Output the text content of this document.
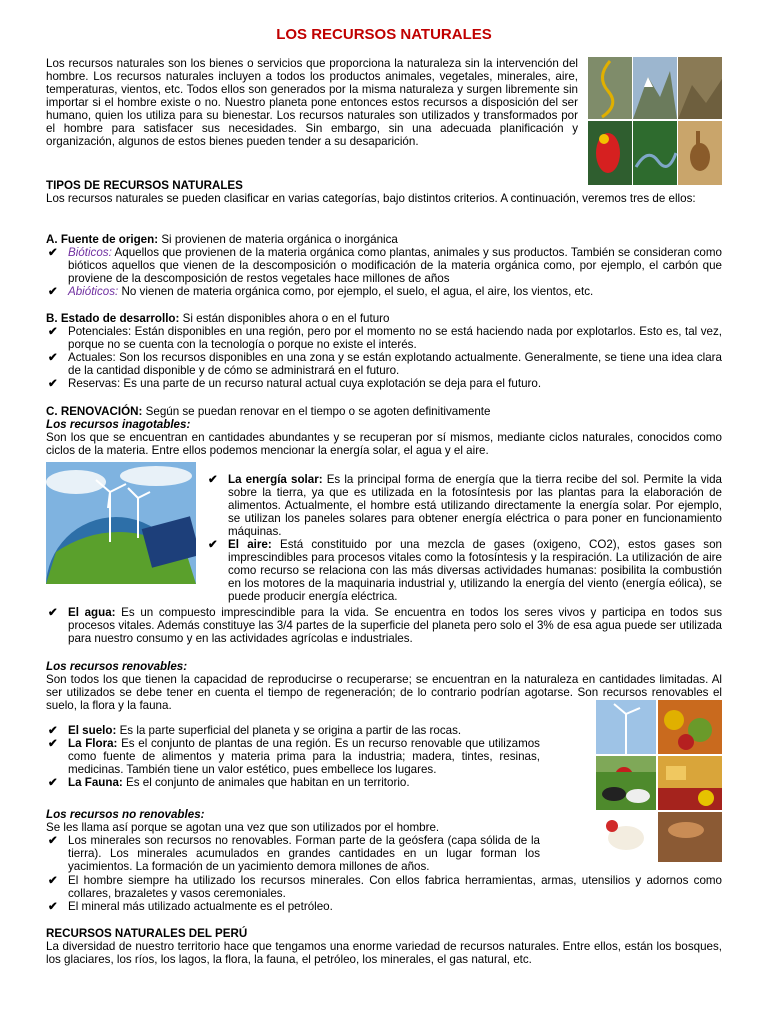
LOS RECURSOS NATURALES

Los recursos naturales son los bienes o servicios que proporciona la naturaleza sin la intervención del hombre. Los recursos naturales incluyen a todos los productos animales, vegetales, minerales, aire, temperaturas, vientos, etc. Todos ellos son generados por la misma naturaleza y surgen libremente sin importar si el hombre existe o no. Nuestro planeta pone entonces estos recursos a disposición del ser humano, quien los utiliza para su bienestar. Los recursos naturales son utilizados y transformados por el hombre para satisfacer sus necesidades. Sin embargo, sin una adecuada planificación y organización, algunos de estos bienes pueden tender a su desaparición.

TIPOS DE RECURSOS NATURALES

Los recursos naturales se pueden clasificar en varias categorías, bajo distintos criterios. A continuación, veremos tres de ellos:

A. Fuente de origen: Si provienen de materia orgánica o inorgánica

✔ Bióticos: Aquellos que provienen de la materia orgánica como plantas, animales y sus productos. También se consideran como bióticos aquellos que vienen de la descomposición o modificación de la materia orgánica como, por ejemplo, el carbón que proviene de la descomposición de restos vegetales hace millones de años
✔ Abióticos: No vienen de materia orgánica como, por ejemplo, el suelo, el agua, el aire, los vientos, etc.

B. Estado de desarrollo: Si están disponibles ahora o en el futuro

✔ Potenciales: Están disponibles en una región, pero por el momento no se está haciendo nada por explotarlos. Esto es, tal vez, porque no se cuenta con la tecnología o porque no existe el interés.
✔ Actuales: Son los recursos disponibles en una zona y se están explotando actualmente. Generalmente, se tiene una idea clara de la cantidad disponible y de cómo se administrará en el futuro.
✔ Reservas: Es una parte de un recurso natural actual cuya explotación se deja para el futuro.

C. RENOVACIÓN: Según se puedan renovar en el tiempo o se agoten definitivamente

Los recursos inagotables:

Son los que se encuentran en cantidades abundantes y se recuperan por sí mismos, mediante ciclos naturales, conocidos como ciclos de la materia. Entre ellos podemos mencionar la energía solar, el agua y el aire.

✔ La energía solar: Es la principal forma de energía que la tierra recibe del sol. Permite la vida sobre la tierra, ya que es utilizada en la fotosíntesis por las plantas para la elaboración de alimentos. Actualmente, el hombre está utilizando directamente la energía solar. Por ejemplo, se utilizan los paneles solares para obtener energía eléctrica o para poner en funcionamiento máquinas.
✔ El aire: Está constituido por una mezcla de gases (oxigeno, CO2), estos gases son imprescindibles para procesos vitales como la fotosíntesis y la respiración. La utilización de aire como recurso se relaciona con las más diversas actividades humanas: posibilita la combustión en los motores de la maquinaria industrial y, utilizando la energía del viento (energía eólica), se puede producir energía eléctrica.
✔ El agua: Es un compuesto imprescindible para la vida. Se encuentra en todos los seres vivos y participa en todos sus procesos vitales. Además constituye las 3/4 partes de la superficie del planeta pero solo el 3% de esa agua puede ser utilizada para nuestro consumo y en las actividades agrícolas e industriales.

Los recursos renovables:

Son todos los que tienen la capacidad de reproducirse o recuperarse; se encuentran en la naturaleza en cantidades limitadas. Al ser utilizados se debe tener en cuenta el tiempo de regeneración; de lo contrario podrían agotarse. Son recursos renovables el suelo, la flora y la fauna.

✔ El suelo: Es la parte superficial del planeta y se origina a partir de las rocas.
✔ La Flora: Es el conjunto de plantas de una región. Es un recurso renovable que utilizamos como fuente de alimentos y materia prima para la industria; madera, tintes, resinas, medicinas. También tiene un valor estético, pues embellece los lugares.
✔ La Fauna: Es el conjunto de animales que habitan en un territorio.

Los recursos no renovables:

Se les llama así porque se agotan una vez que son utilizados por el hombre.

✔ Los minerales son recursos no renovables. Forman parte de la geósfera (capa sólida de la tierra). Los minerales acumulados en grandes cantidades en un lugar forman los yacimientos. La formación de un yacimiento demora millones de años.
✔ El hombre siempre ha utilizado los recursos minerales. Con ellos fabrica herramientas, armas, utensilios y adornos como collares, brazaletes y vasos ceremoniales.
✔ El mineral más utilizado actualmente es el petróleo.

RECURSOS NATURALES DEL PERÚ

La diversidad de nuestro territorio hace que tengamos una enorme variedad de recursos naturales. Entre ellos, están los bosques, los glaciares, los ríos, los lagos, la flora, la fauna, el petróleo, los minerales, el gas natural, etc.
